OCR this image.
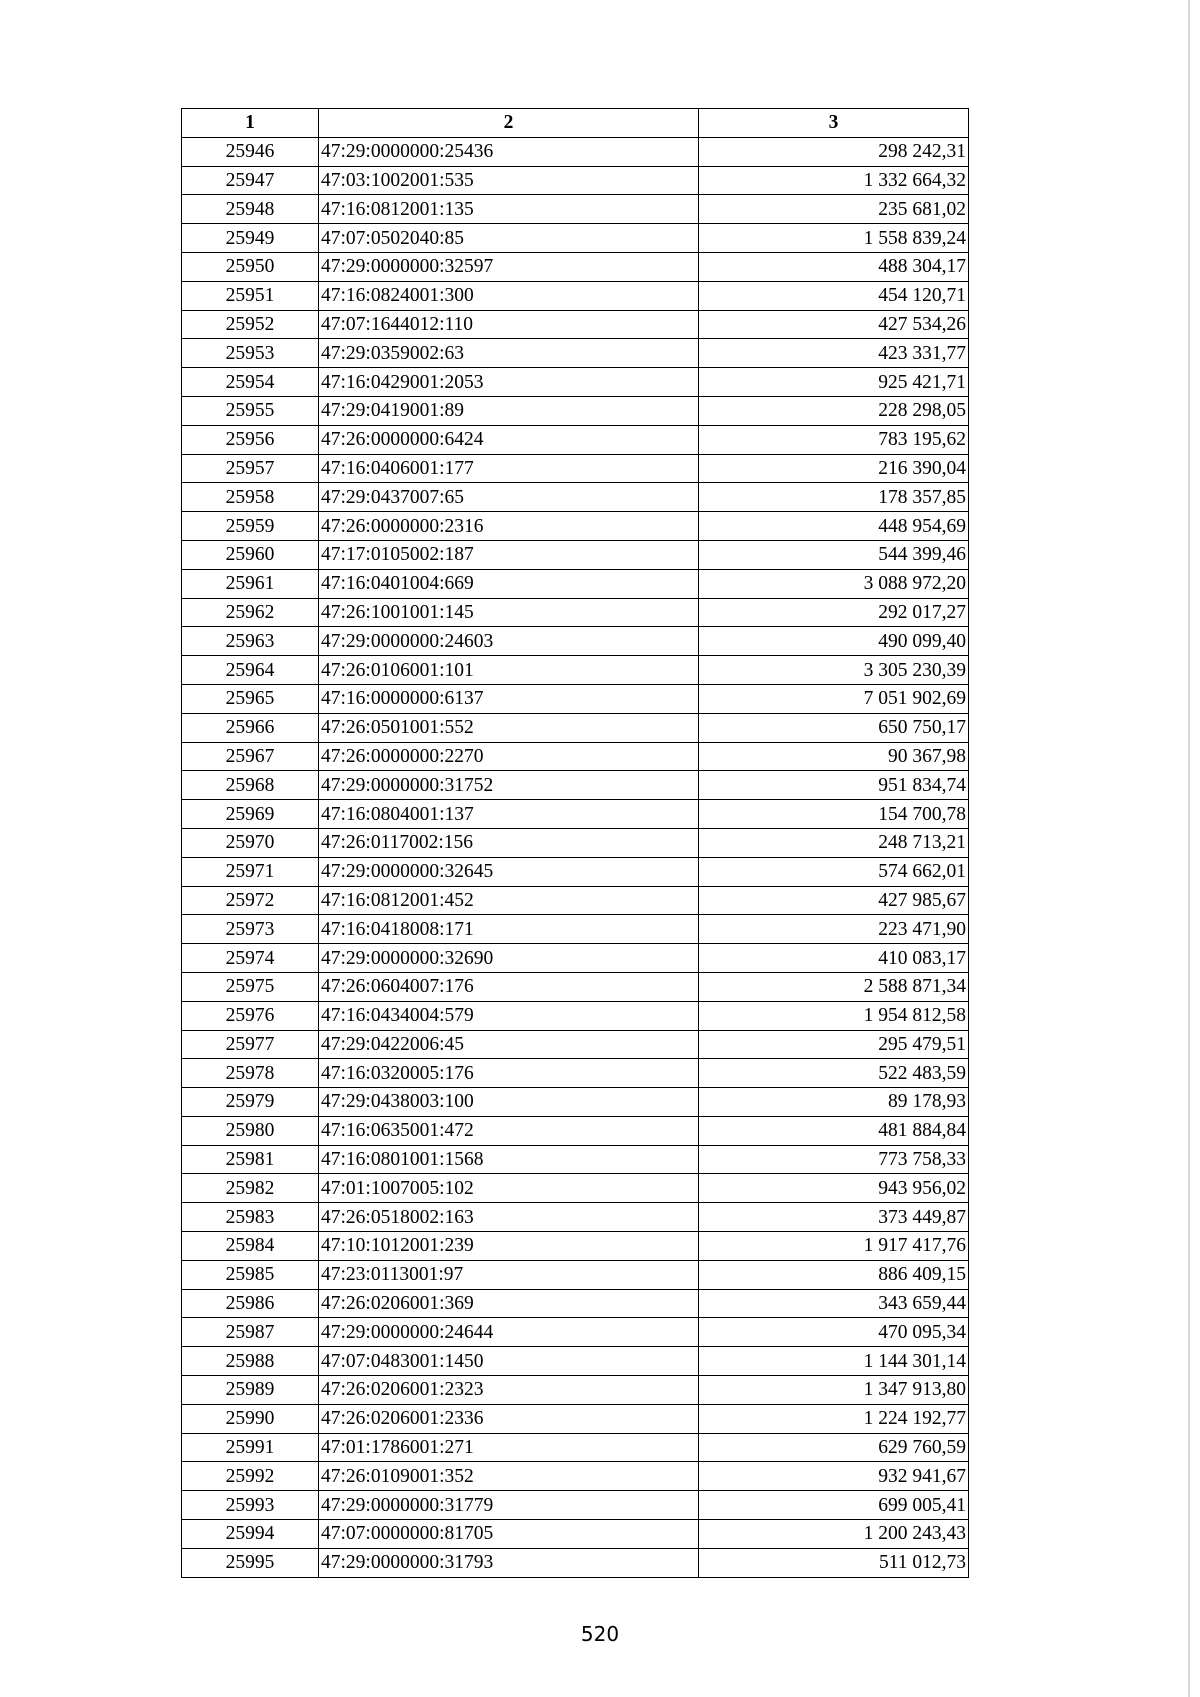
1	2	3
25946	47:29:0000000:25436	298 242,31
25947	47:03:1002001:535	1 332 664,32
25948	47:16:0812001:135	235 681,02
25949	47:07:0502040:85	1 558 839,24
25950	47:29:0000000:32597	488 304,17
25951	47:16:0824001:300	454 120,71
25952	47:07:1644012:110	427 534,26
25953	47:29:0359002:63	423 331,77
25954	47:16:0429001:2053	925 421,71
25955	47:29:0419001:89	228 298,05
25956	47:26:0000000:6424	783 195,62
25957	47:16:0406001:177	216 390,04
25958	47:29:0437007:65	178 357,85
25959	47:26:0000000:2316	448 954,69
25960	47:17:0105002:187	544 399,46
25961	47:16:0401004:669	3 088 972,20
25962	47:26:1001001:145	292 017,27
25963	47:29:0000000:24603	490 099,40
25964	47:26:0106001:101	3 305 230,39
25965	47:16:0000000:6137	7 051 902,69
25966	47:26:0501001:552	650 750,17
25967	47:26:0000000:2270	90 367,98
25968	47:29:0000000:31752	951 834,74
25969	47:16:0804001:137	154 700,78
25970	47:26:0117002:156	248 713,21
25971	47:29:0000000:32645	574 662,01
25972	47:16:0812001:452	427 985,67
25973	47:16:0418008:171	223 471,90
25974	47:29:0000000:32690	410 083,17
25975	47:26:0604007:176	2 588 871,34
25976	47:16:0434004:579	1 954 812,58
25977	47:29:0422006:45	295 479,51
25978	47:16:0320005:176	522 483,59
25979	47:29:0438003:100	89 178,93
25980	47:16:0635001:472	481 884,84
25981	47:16:0801001:1568	773 758,33
25982	47:01:1007005:102	943 956,02
25983	47:26:0518002:163	373 449,87
25984	47:10:1012001:239	1 917 417,76
25985	47:23:0113001:97	886 409,15
25986	47:26:0206001:369	343 659,44
25987	47:29:0000000:24644	470 095,34
25988	47:07:0483001:1450	1 144 301,14
25989	47:26:0206001:2323	1 347 913,80
25990	47:26:0206001:2336	1 224 192,77
25991	47:01:1786001:271	629 760,59
25992	47:26:0109001:352	932 941,67
25993	47:29:0000000:31779	699 005,41
25994	47:07:0000000:81705	1 200 243,43
25995	47:29:0000000:31793	511 012,73
520
